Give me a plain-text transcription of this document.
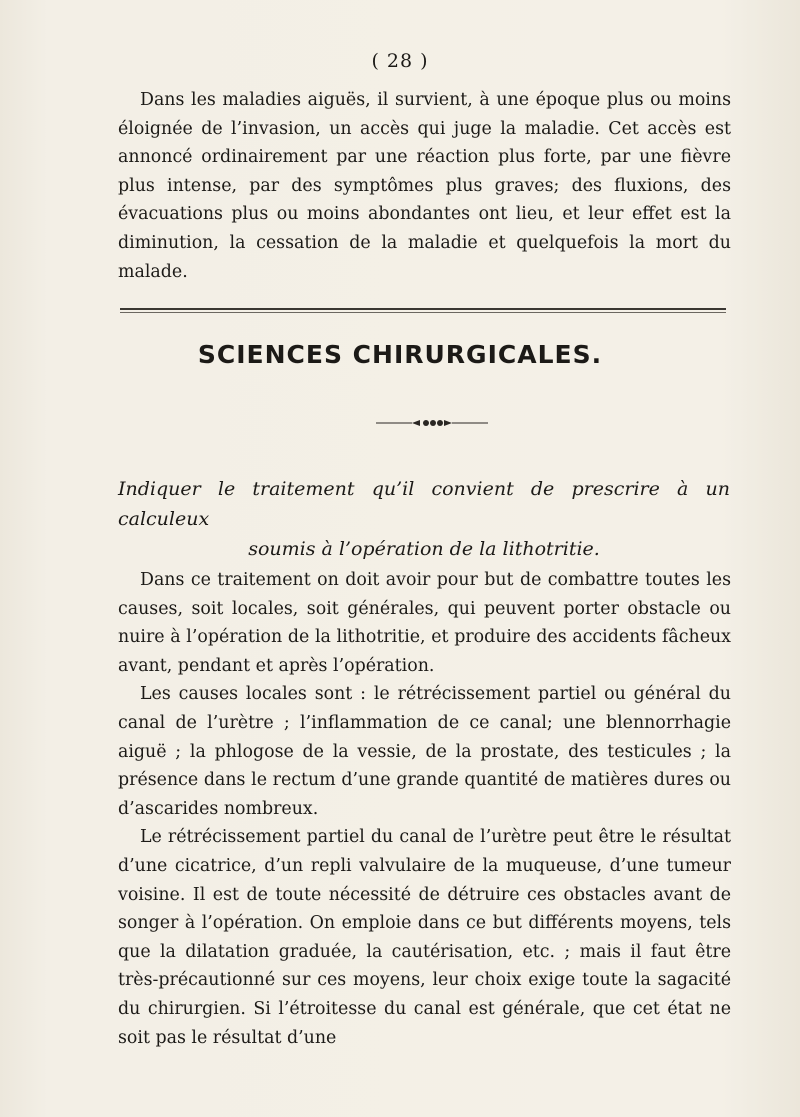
( 28 )

Dans les maladies aiguës, il survient, à une époque plus ou moins éloignée de l’invasion, un accès qui juge la maladie. Cet accès est annoncé ordinairement par une réaction plus forte, par une fièvre plus intense, par des symptômes plus graves; des fluxions, des évacuations plus ou moins abondantes ont lieu, et leur effet est la diminution, la cessation de la maladie et quelquefois la mort du malade.

SCIENCES CHIRURGICALES.
Indiquer le traitement qu’il convient de prescrire à un calculeux
soumis à l’opération de la lithotritie.

Dans ce traitement on doit avoir pour but de combattre toutes les causes, soit locales, soit générales, qui peuvent porter obstacle ou nuire à l’opération de la lithotritie, et produire des accidents fâcheux avant, pendant et après l’opération.

Les causes locales sont : le rétrécissement partiel ou général du canal de l’urètre ; l’inflammation de ce canal; une blennorrhagie aiguë ; la phlogose de la vessie, de la prostate, des testicules ; la présence dans le rectum d’une grande quantité de matières dures ou d’ascarides nombreux.

Le rétrécissement partiel du canal de l’urètre peut être le résultat d’une cicatrice, d’un repli valvulaire de la muqueuse, d’une tumeur voisine. Il est de toute nécessité de détruire ces obstacles avant de songer à l’opération. On emploie dans ce but différents moyens, tels que la dilatation graduée, la cautérisation, etc. ; mais il faut être très-précautionné sur ces moyens, leur choix exige toute la sagacité du chirurgien. Si l’étroitesse du canal est générale, que cet état ne soit pas le résultat d’une
